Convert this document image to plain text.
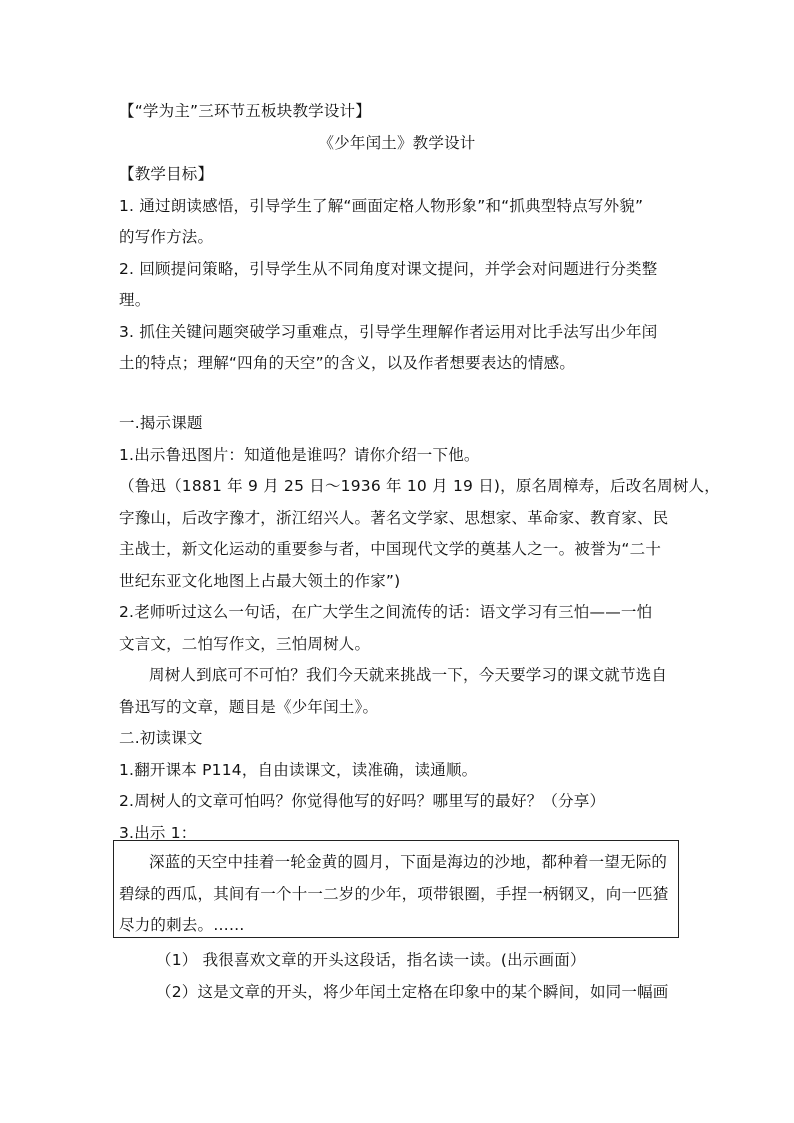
【“学为主”三环节五板块教学设计】
《少年闰土》教学设计
【教学目标】
1. 通过朗读感悟，引导学生了解“画面定格人物形象”和“抓典型特点写外貌”
的写作方法。
2. 回顾提问策略，引导学生从不同角度对课文提问，并学会对问题进行分类整
理。
3. 抓住关键问题突破学习重难点，引导学生理解作者运用对比手法写出少年闰
土的特点；理解“四角的天空”的含义，以及作者想要表达的情感。
一.揭示课题
1.出示鲁迅图片：知道他是谁吗？请你介绍一下他。
（鲁迅（1881 年 9 月 25 日～1936 年 10 月 19 日)，原名周樟寿，后改名周树人，
字豫山，后改字豫才，浙江绍兴人。著名文学家、思想家、革命家、教育家、民
主战士，新文化运动的重要参与者，中国现代文学的奠基人之一。被誉为“二十
世纪东亚文化地图上占最大领土的作家”)
2.老师听过这么一句话，在广大学生之间流传的话：语文学习有三怕——一怕
文言文，二怕写作文，三怕周树人。
周树人到底可不可怕？我们今天就来挑战一下，今天要学习的课文就节选自
鲁迅写的文章，题目是《少年闰土》。
二.初读课文
1.翻开课本 P114，自由读课文，读准确，读通顺。
2.周树人的文章可怕吗？你觉得他写的好吗？哪里写的最好？（分享）
3.出示 1：
深蓝的天空中挂着一轮金黄的圆月，下面是海边的沙地，都种着一望无际的
碧绿的西瓜，其间有一个十一二岁的少年，项带银圈，手捏一柄钢叉，向一匹猹
尽力的刺去。……
（1） 我很喜欢文章的开头这段话，指名读一读。(出示画面）
（2）这是文章的开头，将少年闰土定格在印象中的某个瞬间，如同一幅画
